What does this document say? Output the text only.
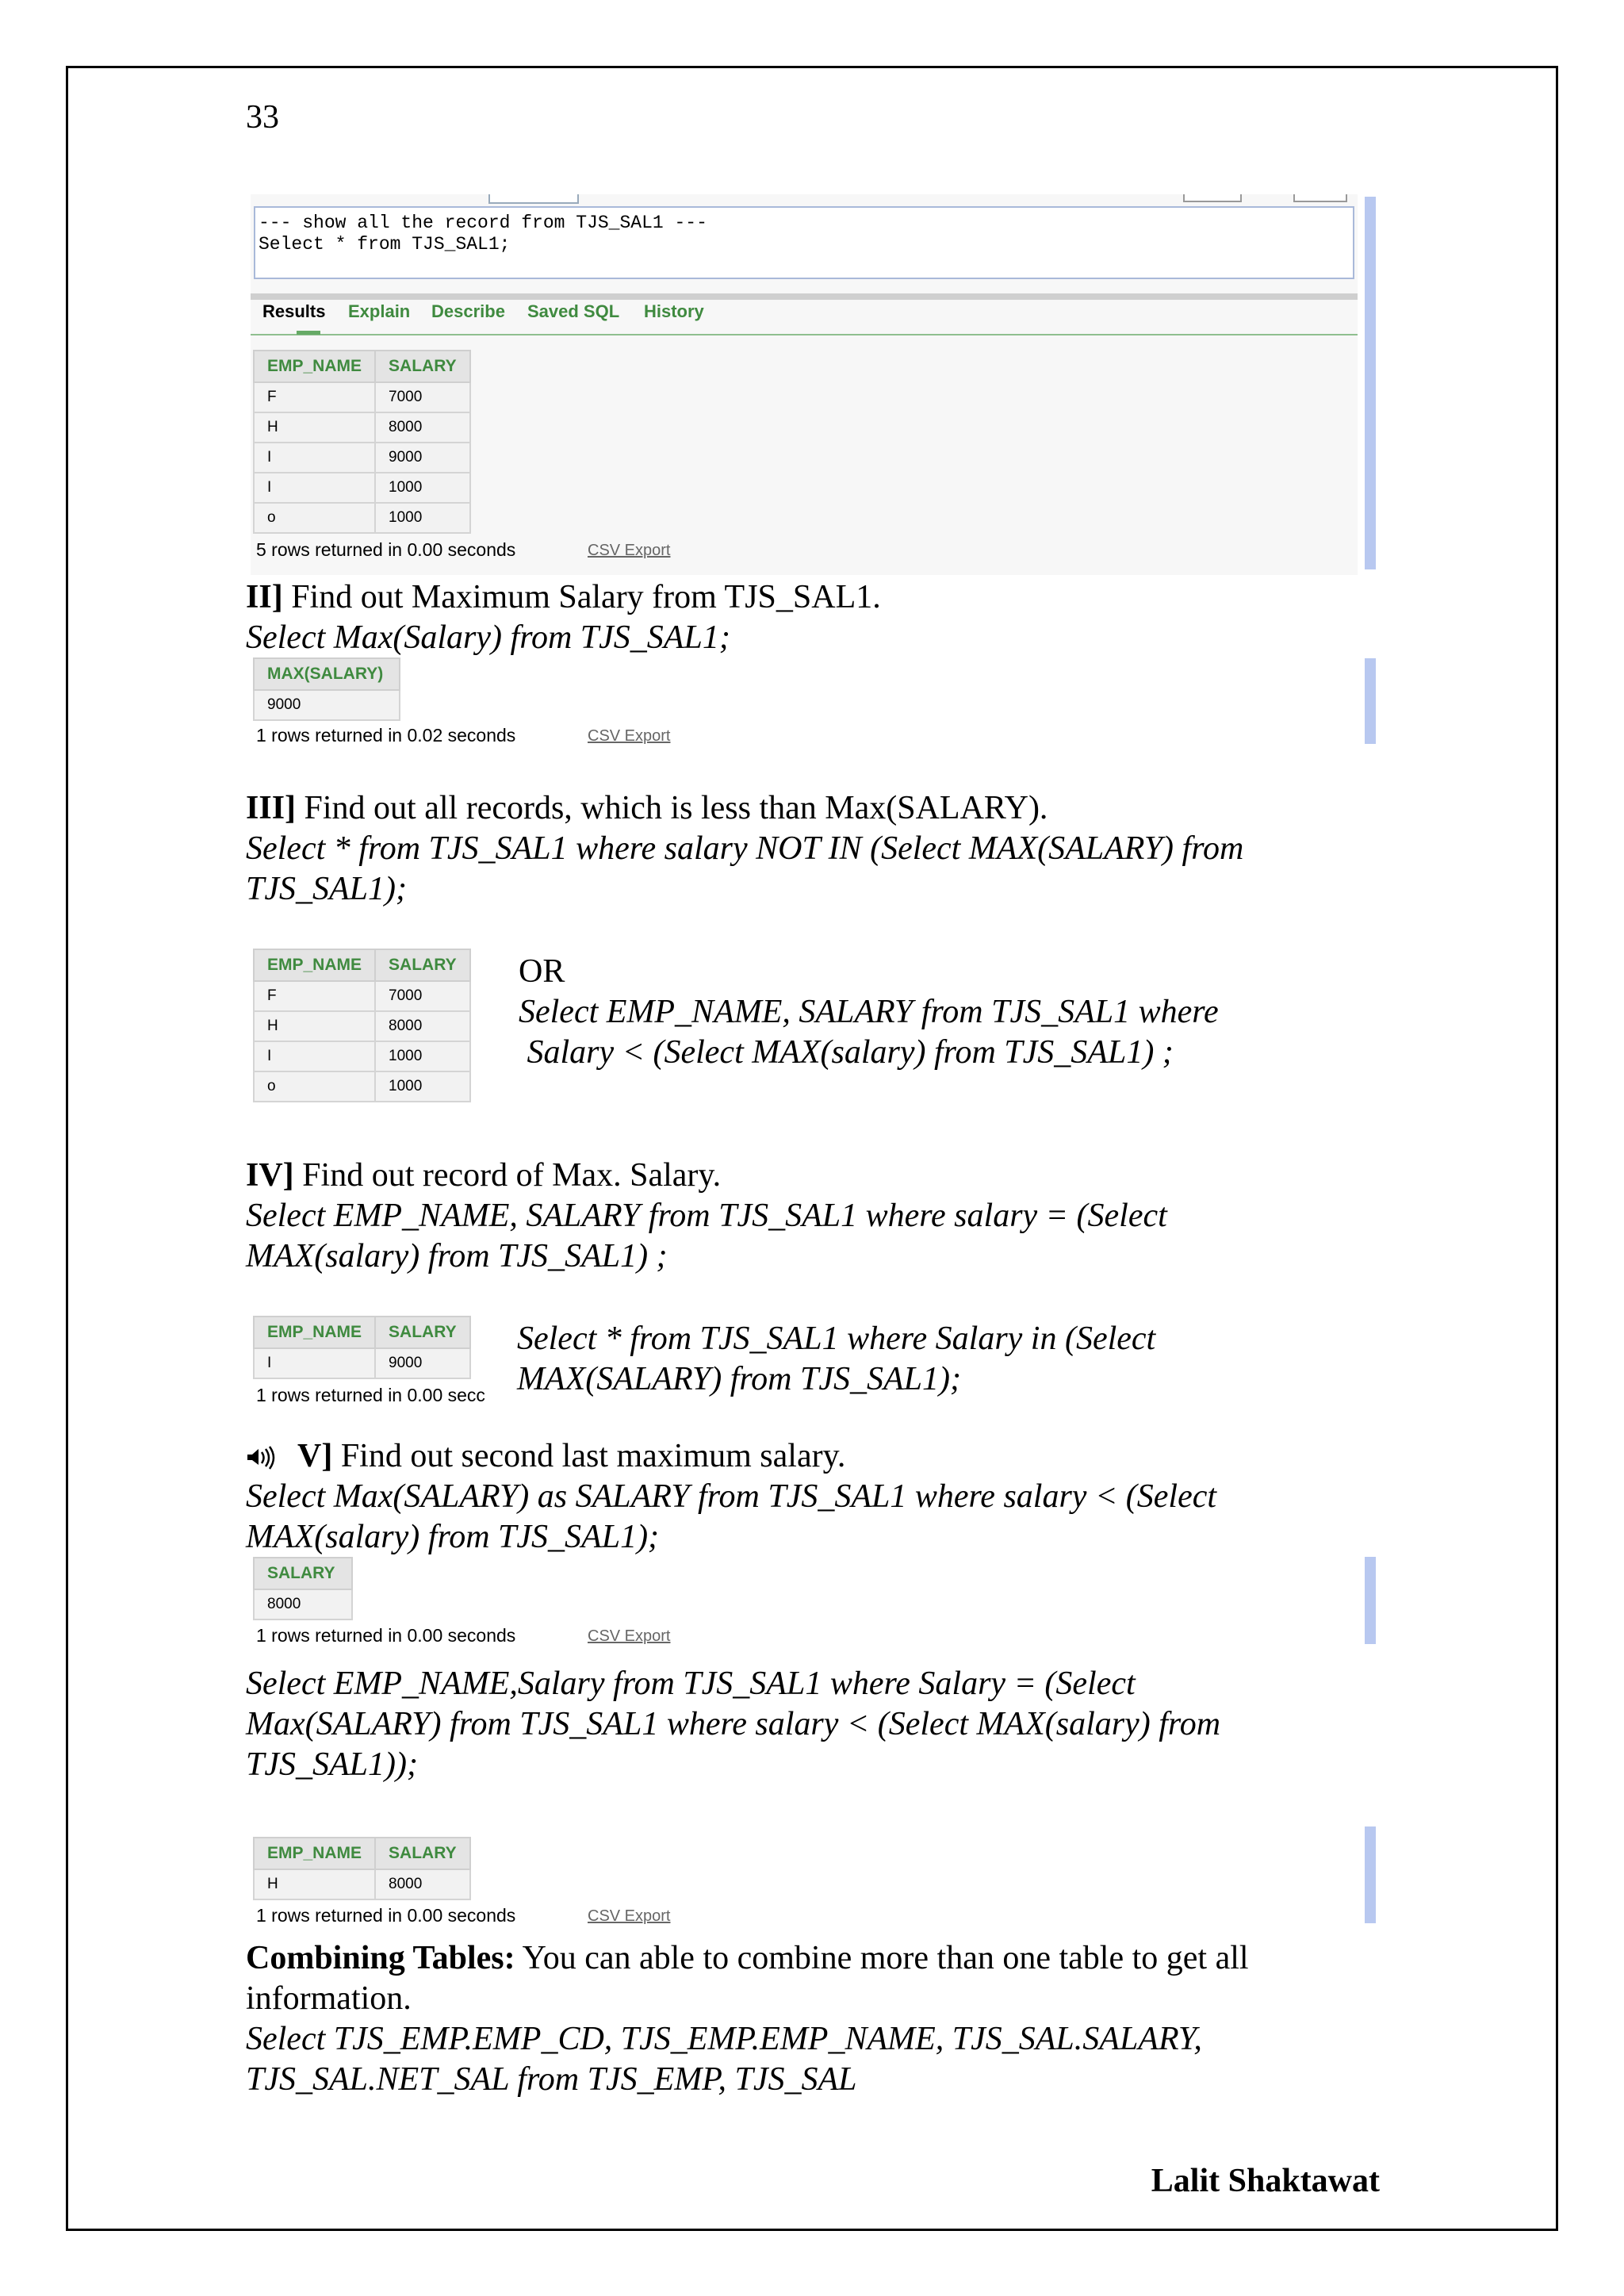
33
--- show all the record from TJS_SAL1 ---
Select * from TJS_SAL1;
Results Explain Describe Saved SQL History
EMP_NAME	SALARY
F	7000
H	8000
I	9000
I	1000
o	1000
5 rows returned in 0.00 seconds	CSV Export
II] Find out Maximum Salary from TJS_SAL1.
Select Max(Salary) from TJS_SAL1;
MAX(SALARY)
9000
1 rows returned in 0.02 seconds	CSV Export
III] Find out all records, which is less than Max(SALARY).
Select * from TJS_SAL1 where salary NOT IN (Select MAX(SALARY) from
TJS_SAL1);
EMP_NAME	SALARY
F	7000
H	8000
I	1000
o	1000
OR
Select EMP_NAME, SALARY from TJS_SAL1 where
Salary < (Select MAX(salary) from TJS_SAL1) ;
IV] Find out record of Max. Salary.
Select EMP_NAME, SALARY from TJS_SAL1 where salary = (Select
MAX(salary) from TJS_SAL1) ;
EMP_NAME	SALARY
I	9000
1 rows returned in 0.00 secc
Select * from TJS_SAL1 where Salary in (Select
MAX(SALARY) from TJS_SAL1);
V] Find out second last maximum salary.
Select Max(SALARY) as SALARY from TJS_SAL1 where salary < (Select
MAX(salary) from TJS_SAL1);
SALARY
8000
1 rows returned in 0.00 seconds	CSV Export
Select EMP_NAME,Salary from TJS_SAL1 where Salary = (Select
Max(SALARY) from TJS_SAL1 where salary < (Select MAX(salary) from
TJS_SAL1));
EMP_NAME	SALARY
H	8000
1 rows returned in 0.00 seconds	CSV Export
Combining Tables: You can able to combine more than one table to get all
information.
Select TJS_EMP.EMP_CD, TJS_EMP.EMP_NAME, TJS_SAL.SALARY,
TJS_SAL.NET_SAL from TJS_EMP, TJS_SAL
Lalit Shaktawat
